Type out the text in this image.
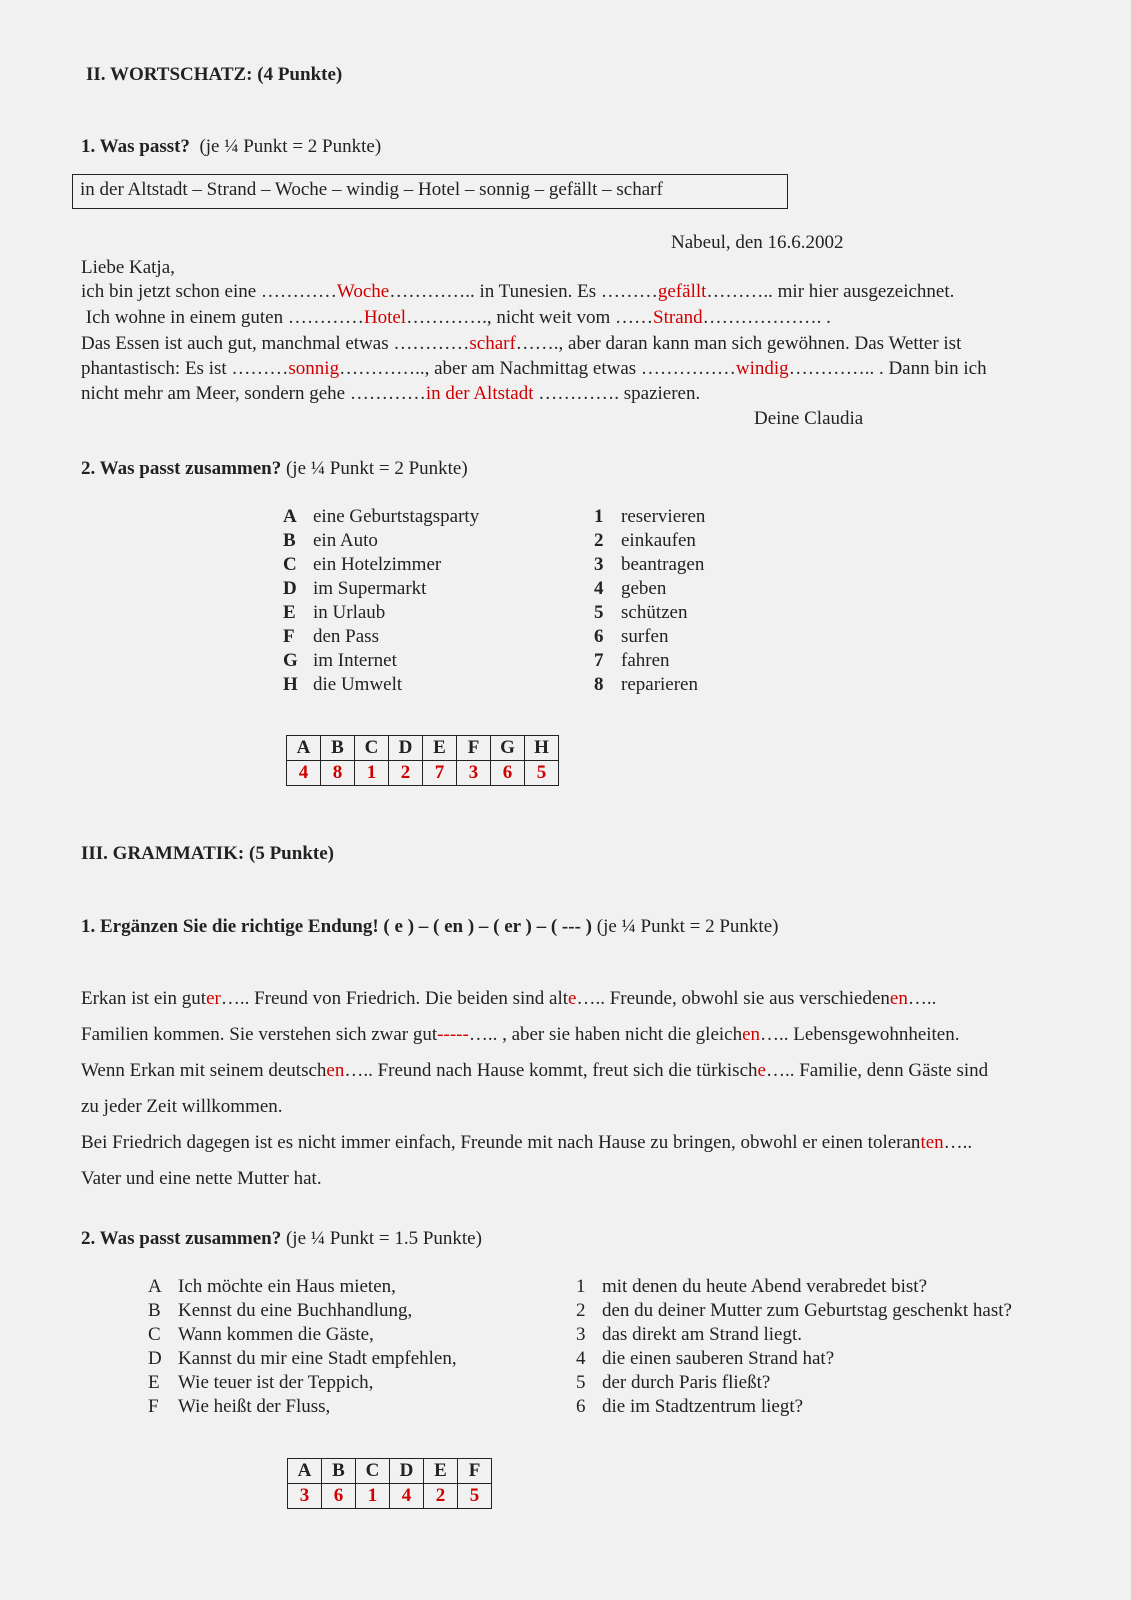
II. WORTSCHATZ: (4 Punkte)
1. Was passt? (je ¼ Punkt = 2 Punkte)
in der Altstadt – Strand – Woche – windig – Hotel – sonnig – gefällt – scharf
Nabeul, den 16.6.2002
Liebe Katja,
ich bin jetzt schon eine …………Woche………….. in Tunesien. Es ………gefällt……….. mir hier ausgezeichnet.
Ich wohne in einem guten …………Hotel…………., nicht weit vom ……Strand………………. .
Das Essen ist auch gut, manchmal etwas …………scharf……., aber daran kann man sich gewöhnen. Das Wetter ist
phantastisch: Es ist ………sonnig………….., aber am Nachmittag etwas ……………windig………….. . Dann bin ich
nicht mehr am Meer, sondern gehe …………in der Altstadt …………. spazieren.
Deine Claudia
2. Was passt zusammen? (je ¼ Punkt = 2 Punkte)
A eine Geburtstagsparty
B ein Auto
C ein Hotelzimmer
D im Supermarkt
E in Urlaub
F den Pass
G im Internet
H die Umwelt
1 reservieren
2 einkaufen
3 beantragen
4 geben
5 schützen
6 surfen
7 fahren
8 reparieren
A	B	C	D	E	F	G	H
4	8	1	2	7	3	6	5
III. GRAMMATIK: (5 Punkte)
1. Ergänzen Sie die richtige Endung! ( e ) – ( en ) – ( er ) – ( --- ) (je ¼ Punkt = 2 Punkte)
Erkan ist ein guter….. Freund von Friedrich. Die beiden sind alte….. Freunde, obwohl sie aus verschiedenen…..
Familien kommen. Sie verstehen sich zwar gut-----….. , aber sie haben nicht die gleichen….. Lebensgewohnheiten.
Wenn Erkan mit seinem deutschen….. Freund nach Hause kommt, freut sich die türkische….. Familie, denn Gäste sind
zu jeder Zeit willkommen.
Bei Friedrich dagegen ist es nicht immer einfach, Freunde mit nach Hause zu bringen, obwohl er einen toleranten…..
Vater und eine nette Mutter hat.
2. Was passt zusammen? (je ¼ Punkt = 1.5 Punkte)
A Ich möchte ein Haus mieten,
B Kennst du eine Buchhandlung,
C Wann kommen die Gäste,
D Kannst du mir eine Stadt empfehlen,
E Wie teuer ist der Teppich,
F Wie heißt der Fluss,
1 mit denen du heute Abend verabredet bist?
2 den du deiner Mutter zum Geburtstag geschenkt hast?
3 das direkt am Strand liegt.
4 die einen sauberen Strand hat?
5 der durch Paris fließt?
6 die im Stadtzentrum liegt?
A	B	C	D	E	F
3	6	1	4	2	5
